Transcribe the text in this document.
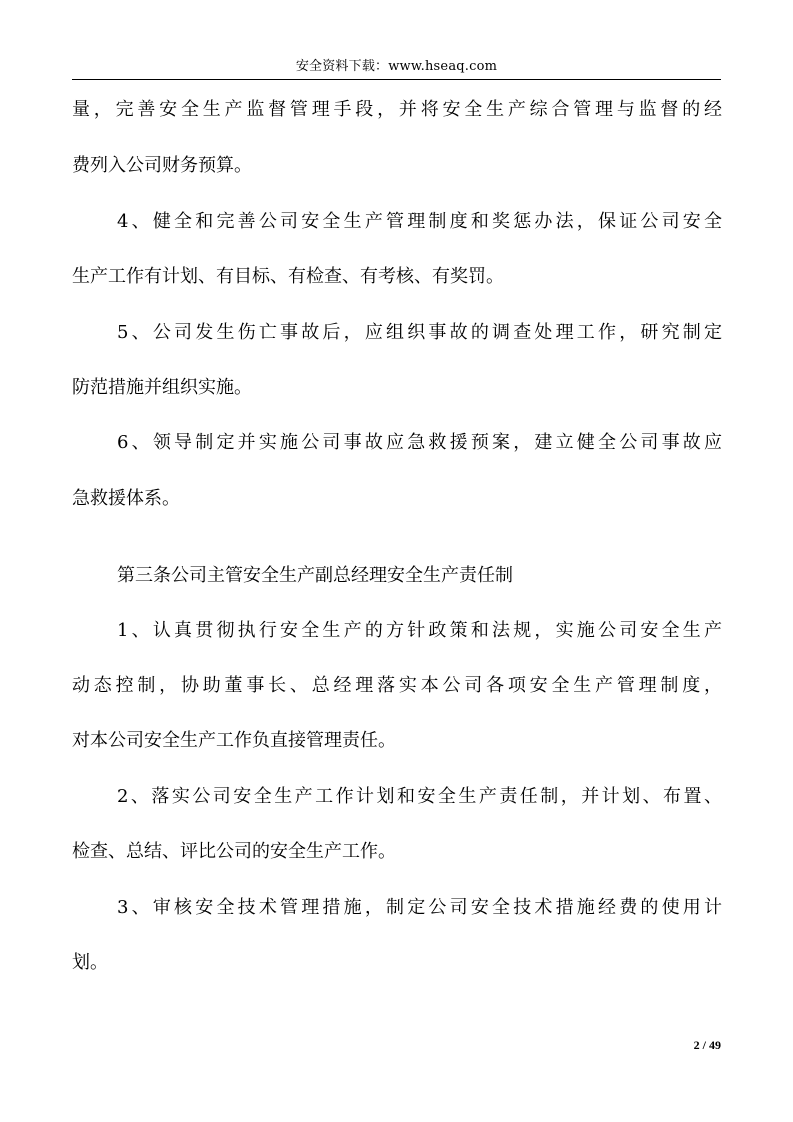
安全资料下载：www.hseaq.com
量，完善安全生产监督管理手段，并将安全生产综合管理与监督的经
费列入公司财务预算。
4、健全和完善公司安全生产管理制度和奖惩办法，保证公司安全
生产工作有计划、有目标、有检查、有考核、有奖罚。
5、公司发生伤亡事故后，应组织事故的调查处理工作，研究制定
防范措施并组织实施。
6、领导制定并实施公司事故应急救援预案，建立健全公司事故应
急救援体系。
第三条公司主管安全生产副总经理安全生产责任制
1、认真贯彻执行安全生产的方针政策和法规，实施公司安全生产
动态控制，协助董事长、总经理落实本公司各项安全生产管理制度，
对本公司安全生产工作负直接管理责任。
2、落实公司安全生产工作计划和安全生产责任制，并计划、布置、
检查、总结、评比公司的安全生产工作。
3、审核安全技术管理措施，制定公司安全技术措施经费的使用计
划。
2 / 49
